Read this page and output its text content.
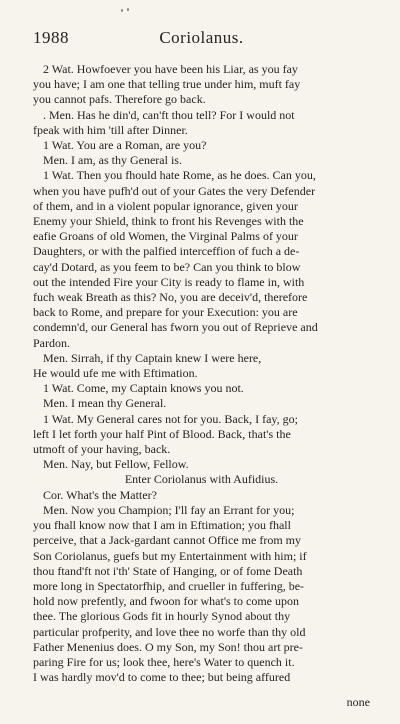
1988	Coriolanus.

2 Wat. Howfoever you have been his Liar, as you fay

you have; I am one that telling true under him, muft fay

you cannot pafs. Therefore go back.

. Men. Has he din'd, can'ft thou tell? For I would not

fpeak with him 'till after Dinner.

1 Wat. You are a Roman, are you?

Men. I am, as thy General is.

1 Wat. Then you fhould hate Rome, as he does. Can you,

when you have pufh'd out of your Gates the very Defender

of them, and in a violent popular ignorance, given your

Enemy your Shield, think to front his Revenges with the

eafie Groans of old Women, the Virginal Palms of your

Daughters, or with the palfied interceffion of fuch a de-

cay'd Dotard, as you feem to be? Can you think to blow

out the intended Fire your City is ready to flame in, with

fuch weak Breath as this? No, you are deceiv'd, therefore

back to Rome, and prepare for your Execution: you are

condemn'd, our General has fworn you out of Reprieve and

Pardon.

Men. Sirrah, if thy Captain knew I were here,

He would ufe me with Eftimation.

1 Wat. Come, my Captain knows you not.

Men. I mean thy General.

1 Wat. My General cares not for you. Back, I fay, go;

left I let forth your half Pint of Blood. Back, that's the

utmoft of your having, back.

Men. Nay, but Fellow, Fellow.

Enter Coriolanus with Aufidius.

Cor. What's the Matter?

Men. Now you Champion; I'll fay an Errant for you;

you fhall know now that I am in Eftimation; you fhall

perceive, that a Jack-gardant cannot Office me from my

Son Coriolanus, guefs but my Entertainment with him; if

thou ftand'ft not i'th' State of Hanging, or of fome Death

more long in Spectatorfhip, and crueller in fuffering, be-

hold now prefently, and fwoon for what's to come upon

thee. The glorious Gods fit in hourly Synod about thy

particular profperity, and love thee no worfe than thy old

Father Menenius does. O my Son, my Son! thou art pre-

paring Fire for us; look thee, here's Water to quench it.

I was hardly mov'd to come to thee; but being affured

none
